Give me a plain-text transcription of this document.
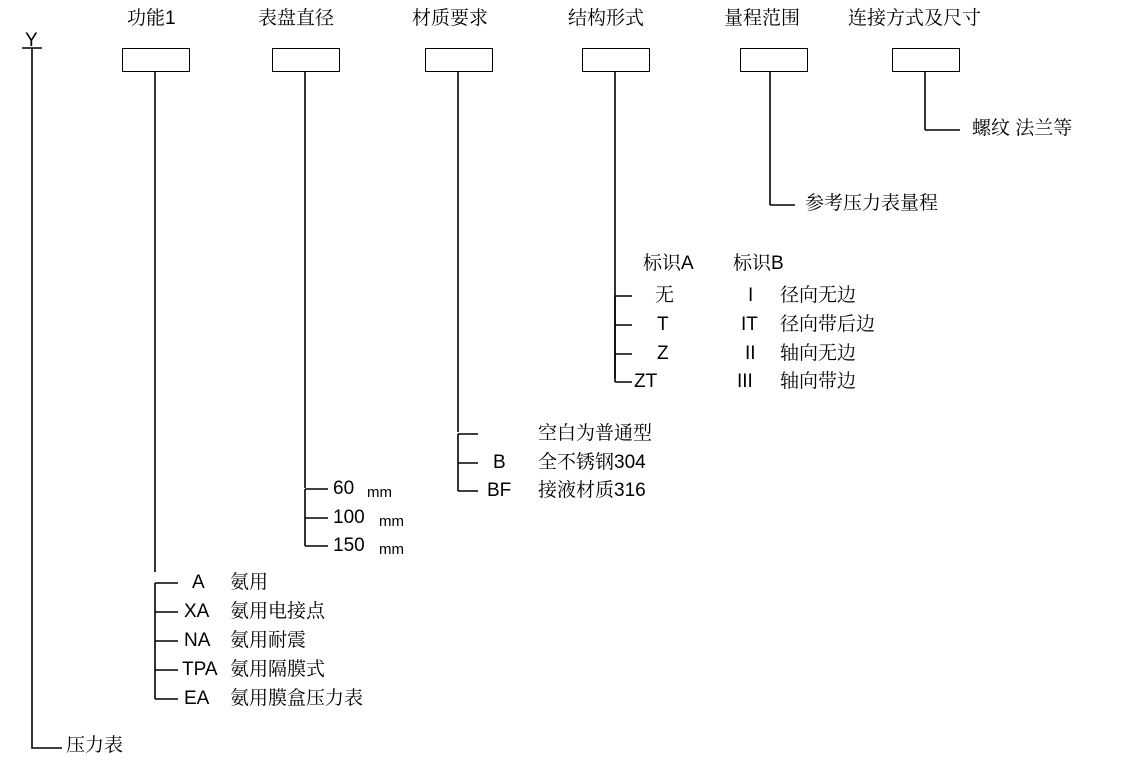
Y
压力表
功能1	表盘直径	材质要求	结构形式	量程范围	连接方式及尺寸
螺纹 法兰等
参考压力表量程
标识A 标识B
无	I 径向无边
T	IT 径向带后边
Z	II 轴向无边
ZT	III 轴向带边
空白为普通型
B 全不锈钢304
BF 接液材质316
60 mm
100 mm
150 mm
A 氨用
XA 氨用电接点
NA 氨用耐震
TPA 氨用隔膜式
EA 氨用膜盒压力表
